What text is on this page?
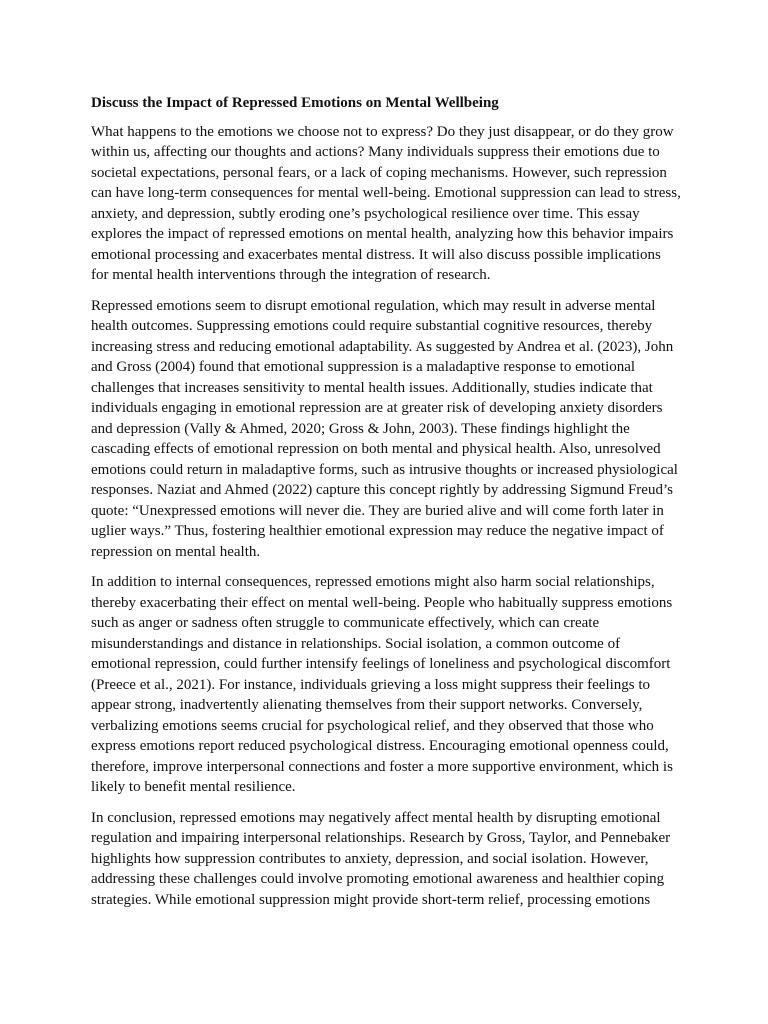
Discuss the Impact of Repressed Emotions on Mental Wellbeing

What happens to the emotions we choose not to express? Do they just disappear, or do they grow within us, affecting our thoughts and actions? Many individuals suppress their emotions due to societal expectations, personal fears, or a lack of coping mechanisms. However, such repression can have long-term consequences for mental well-being. Emotional suppression can lead to stress, anxiety, and depression, subtly eroding one’s psychological resilience over time. This essay explores the impact of repressed emotions on mental health, analyzing how this behavior impairs emotional processing and exacerbates mental distress. It will also discuss possible implications for mental health interventions through the integration of research.

Repressed emotions seem to disrupt emotional regulation, which may result in adverse mental health outcomes. Suppressing emotions could require substantial cognitive resources, thereby increasing stress and reducing emotional adaptability. As suggested by Andrea et al. (2023), John and Gross (2004) found that emotional suppression is a maladaptive response to emotional challenges that increases sensitivity to mental health issues. Additionally, studies indicate that individuals engaging in emotional repression are at greater risk of developing anxiety disorders and depression (Vally & Ahmed, 2020; Gross & John, 2003). These findings highlight the cascading effects of emotional repression on both mental and physical health. Also, unresolved emotions could return in maladaptive forms, such as intrusive thoughts or increased physiological responses. Naziat and Ahmed (2022) capture this concept rightly by addressing Sigmund Freud’s quote: “Unexpressed emotions will never die. They are buried alive and will come forth later in uglier ways.” Thus, fostering healthier emotional expression may reduce the negative impact of repression on mental health.

In addition to internal consequences, repressed emotions might also harm social relationships, thereby exacerbating their effect on mental well-being. People who habitually suppress emotions such as anger or sadness often struggle to communicate effectively, which can create misunderstandings and distance in relationships. Social isolation, a common outcome of emotional repression, could further intensify feelings of loneliness and psychological discomfort (Preece et al., 2021). For instance, individuals grieving a loss might suppress their feelings to appear strong, inadvertently alienating themselves from their support networks. Conversely, verbalizing emotions seems crucial for psychological relief, and they observed that those who express emotions report reduced psychological distress. Encouraging emotional openness could, therefore, improve interpersonal connections and foster a more supportive environment, which is likely to benefit mental resilience.

In conclusion, repressed emotions may negatively affect mental health by disrupting emotional regulation and impairing interpersonal relationships. Research by Gross, Taylor, and Pennebaker highlights how suppression contributes to anxiety, depression, and social isolation. However, addressing these challenges could involve promoting emotional awareness and healthier coping strategies. While emotional suppression might provide short-term relief, processing emotions
